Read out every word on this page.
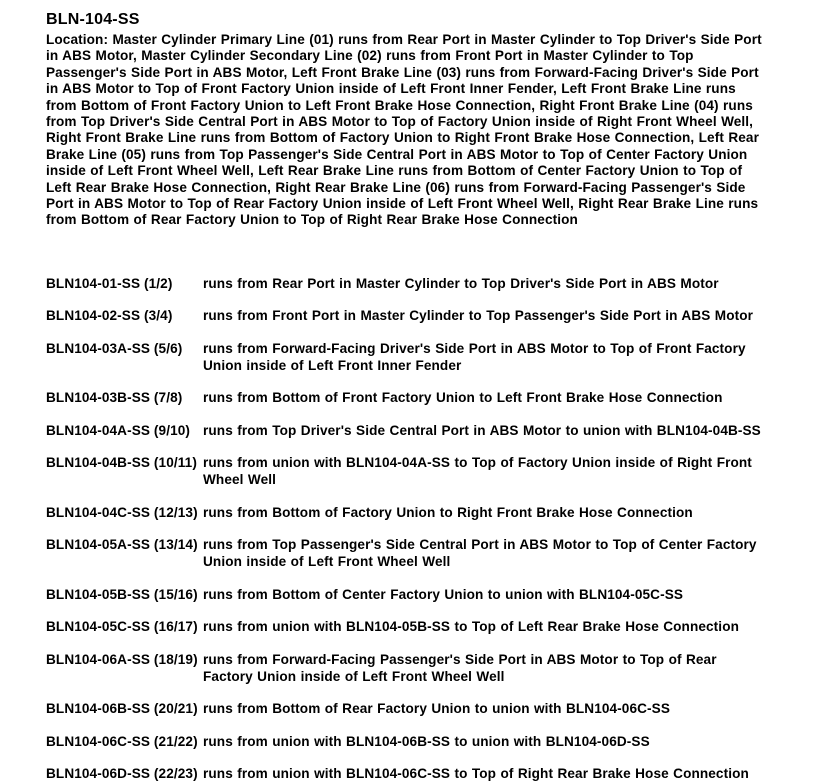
BLN-104-SS

Location: Master Cylinder Primary Line (01) runs from Rear Port in Master Cylinder to Top Driver's Side Port in ABS Motor, Master Cylinder Secondary Line (02) runs from Front Port in Master Cylinder to Top Passenger's Side Port in ABS Motor, Left Front Brake Line (03) runs from Forward-Facing Driver's Side Port in ABS Motor to Top of Front Factory Union inside of Left Front Inner Fender, Left Front Brake Line runs from Bottom of Front Factory Union to Left Front Brake Hose Connection, Right Front Brake Line (04) runs from Top Driver's Side Central Port in ABS Motor to Top of Factory Union inside of Right Front Wheel Well, Right Front Brake Line runs from Bottom of Factory Union to Right Front Brake Hose Connection, Left Rear Brake Line (05) runs from Top Passenger's Side Central Port in ABS Motor to Top of Center Factory Union inside of Left Front Wheel Well, Left Rear Brake Line runs from Bottom of Center Factory Union to Top of Left Rear Brake Hose Connection, Right Rear Brake Line (06) runs from Forward-Facing Passenger's Side Port in ABS Motor to Top of Rear Factory Union inside of Left Front Wheel Well, Right Rear Brake Line runs from Bottom of Rear Factory Union to Top of Right Rear Brake Hose Connection

BLN104-01-SS (1/2)	runs from Rear Port in Master Cylinder to Top Driver's Side Port in ABS Motor
BLN104-02-SS (3/4)	runs from Front Port in Master Cylinder to Top Passenger's Side Port in ABS Motor
BLN104-03A-SS (5/6)	runs from Forward-Facing Driver's Side Port in ABS Motor to Top of Front Factory Union inside of Left Front Inner Fender
BLN104-03B-SS (7/8)	runs from Bottom of Front Factory Union to Left Front Brake Hose Connection
BLN104-04A-SS (9/10) runs from Top Driver's Side Central Port in ABS Motor to union with BLN104-04B-SS
BLN104-04B-SS (10/11) runs from union with BLN104-04A-SS to Top of Factory Union inside of Right Front Wheel Well
BLN104-04C-SS (12/13) runs from Bottom of Factory Union to Right Front Brake Hose Connection
BLN104-05A-SS (13/14) runs from Top Passenger's Side Central Port in ABS Motor to Top of Center Factory Union inside of Left Front Wheel Well
BLN104-05B-SS (15/16) runs from Bottom of Center Factory Union to union with BLN104-05C-SS
BLN104-05C-SS (16/17) runs from union with BLN104-05B-SS to Top of Left Rear Brake Hose Connection
BLN104-06A-SS (18/19) runs from Forward-Facing Passenger's Side Port in ABS Motor to Top of Rear Factory Union inside of Left Front Wheel Well
BLN104-06B-SS (20/21) runs from Bottom of Rear Factory Union to union with BLN104-06C-SS
BLN104-06C-SS (21/22) runs from union with BLN104-06B-SS to union with BLN104-06D-SS
BLN104-06D-SS (22/23) runs from union with BLN104-06C-SS to Top of Right Rear Brake Hose Connection
